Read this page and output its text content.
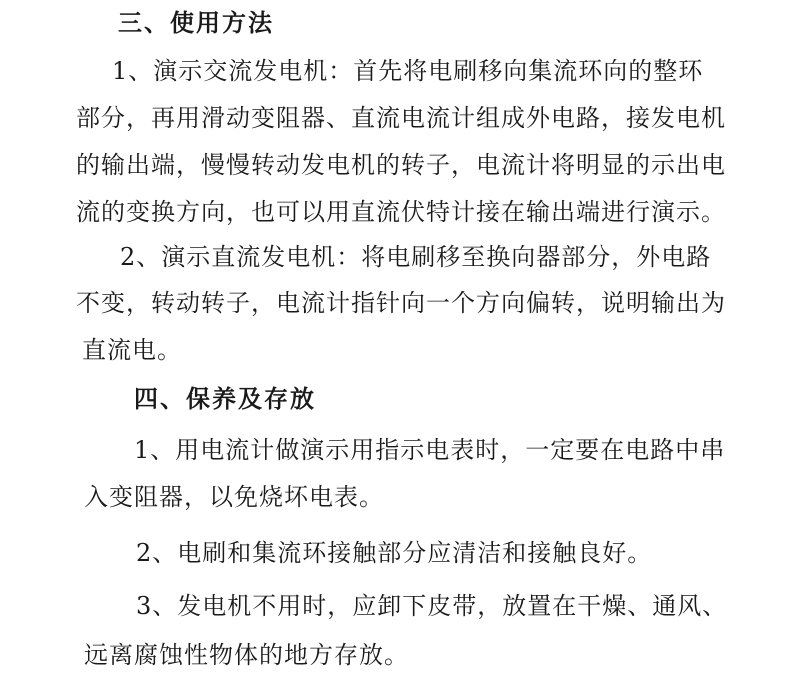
三、使用方法
1、演示交流发电机：首先将电刷移向集流环向的整环
部分，再用滑动变阻器、直流电流计组成外电路，接发电机
的输出端，慢慢转动发电机的转子，电流计将明显的示出电
流的变换方向，也可以用直流伏特计接在输出端进行演示。
2、演示直流发电机：将电刷移至换向器部分，外电路
不变，转动转子，电流计指针向一个方向偏转，说明输出为
直流电。
四、保养及存放
1、用电流计做演示用指示电表时，一定要在电路中串
入变阻器，以免烧坏电表。
2、电刷和集流环接触部分应清洁和接触良好。
3、发电机不用时，应卸下皮带，放置在干燥、通风、
远离腐蚀性物体的地方存放。
